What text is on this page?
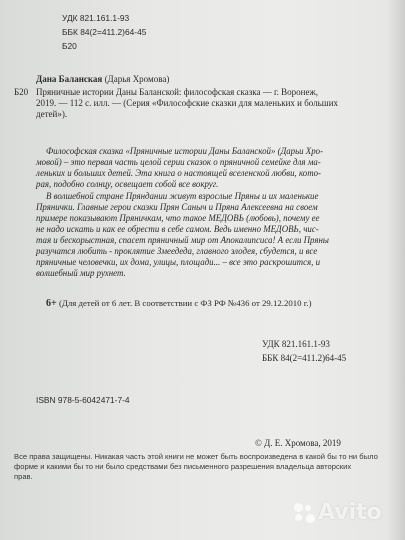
УДК 821.161.1-93
ББК 84(2=411.2)64-45
Б20
Дана Баланская (Дарья Хромова)
Б20 Пряничные истории Даны Баланской: философская сказка — г. Воронеж,
2019. — 112 с. илл. — (Серия «Философские сказки для маленьких и больших
детей»).
Философская сказка «Пряничные истории Даны Баланской» (Дарьи Хро-
мовой) – это первая часть целой серии сказок о пряничной семейке для ма-
леньких и больших детей. Эта книга о настоящей вселенской любви, кото-
рая, подобно солнцу, освещает собой все вокруг.
В волшебной стране Пряндании живут взрослые Пряны и их маленькие
Прянички. Главные герои сказки Прян Саныч и Пряна Алексеевна на своем
примере показывают Пряничкам, что такое МЕДОВЬ (любовь), почему ее
не надо искать и как ее обрести в себе самом. Ведь именно МЕДОВЬ, чис-
тая и бескорыстная, спасет пряничный мир от Апокалипсиса! А если Пряны
разучатся любить - проклятие Змеедеда, главного злодея, сбудется, и все
пряничные человечки, их дома, улицы, площади... – все это раскрошится, и
волшебный мир рухнет.
6+ (Для детей от 6 лет. В соответствии с ФЗ РФ №436 от 29.12.2010 г.)
УДК 821.161.1-93
ББК 84(2=411.2)64-45
ISBN 978-5-6042471-7-4
© Д. Е. Хромова, 2019
Все права защищены. Никакая часть этой книги не может быть воспроизведена в какой бы то ни было
форме и какими бы то ни было средствами без письменного разрешения владельца авторских
прав.
Avito
